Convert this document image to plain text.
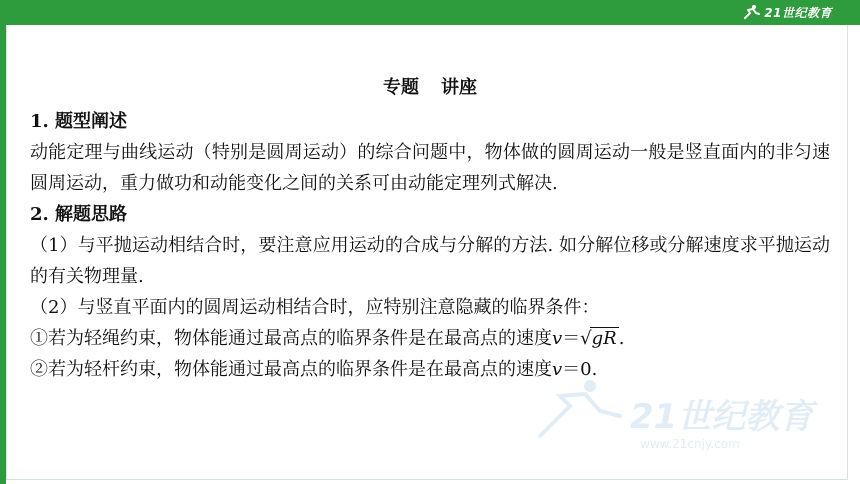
21世纪教育
专题 讲座
1. 题型阐述
动能定理与曲线运动（特别是圆周运动）的综合问题中，物体做的圆周运动一般是竖直面内的非匀速圆周运动，重力做功和动能变化之间的关系可由动能定理列式解决.
2. 解题思路
（1）与平抛运动相结合时，要注意应用运动的合成与分解的方法. 如分解位移或分解速度求平抛运动的有关物理量.
（2）与竖直平面内的圆周运动相结合时，应特别注意隐藏的临界条件：
①若为轻绳约束，物体能通过最高点的临界条件是在最高点的速度v＝√gR .
②若为轻杆约束，物体能通过最高点的临界条件是在最高点的速度v＝0.
21世纪教育
www.21cnjy.com
